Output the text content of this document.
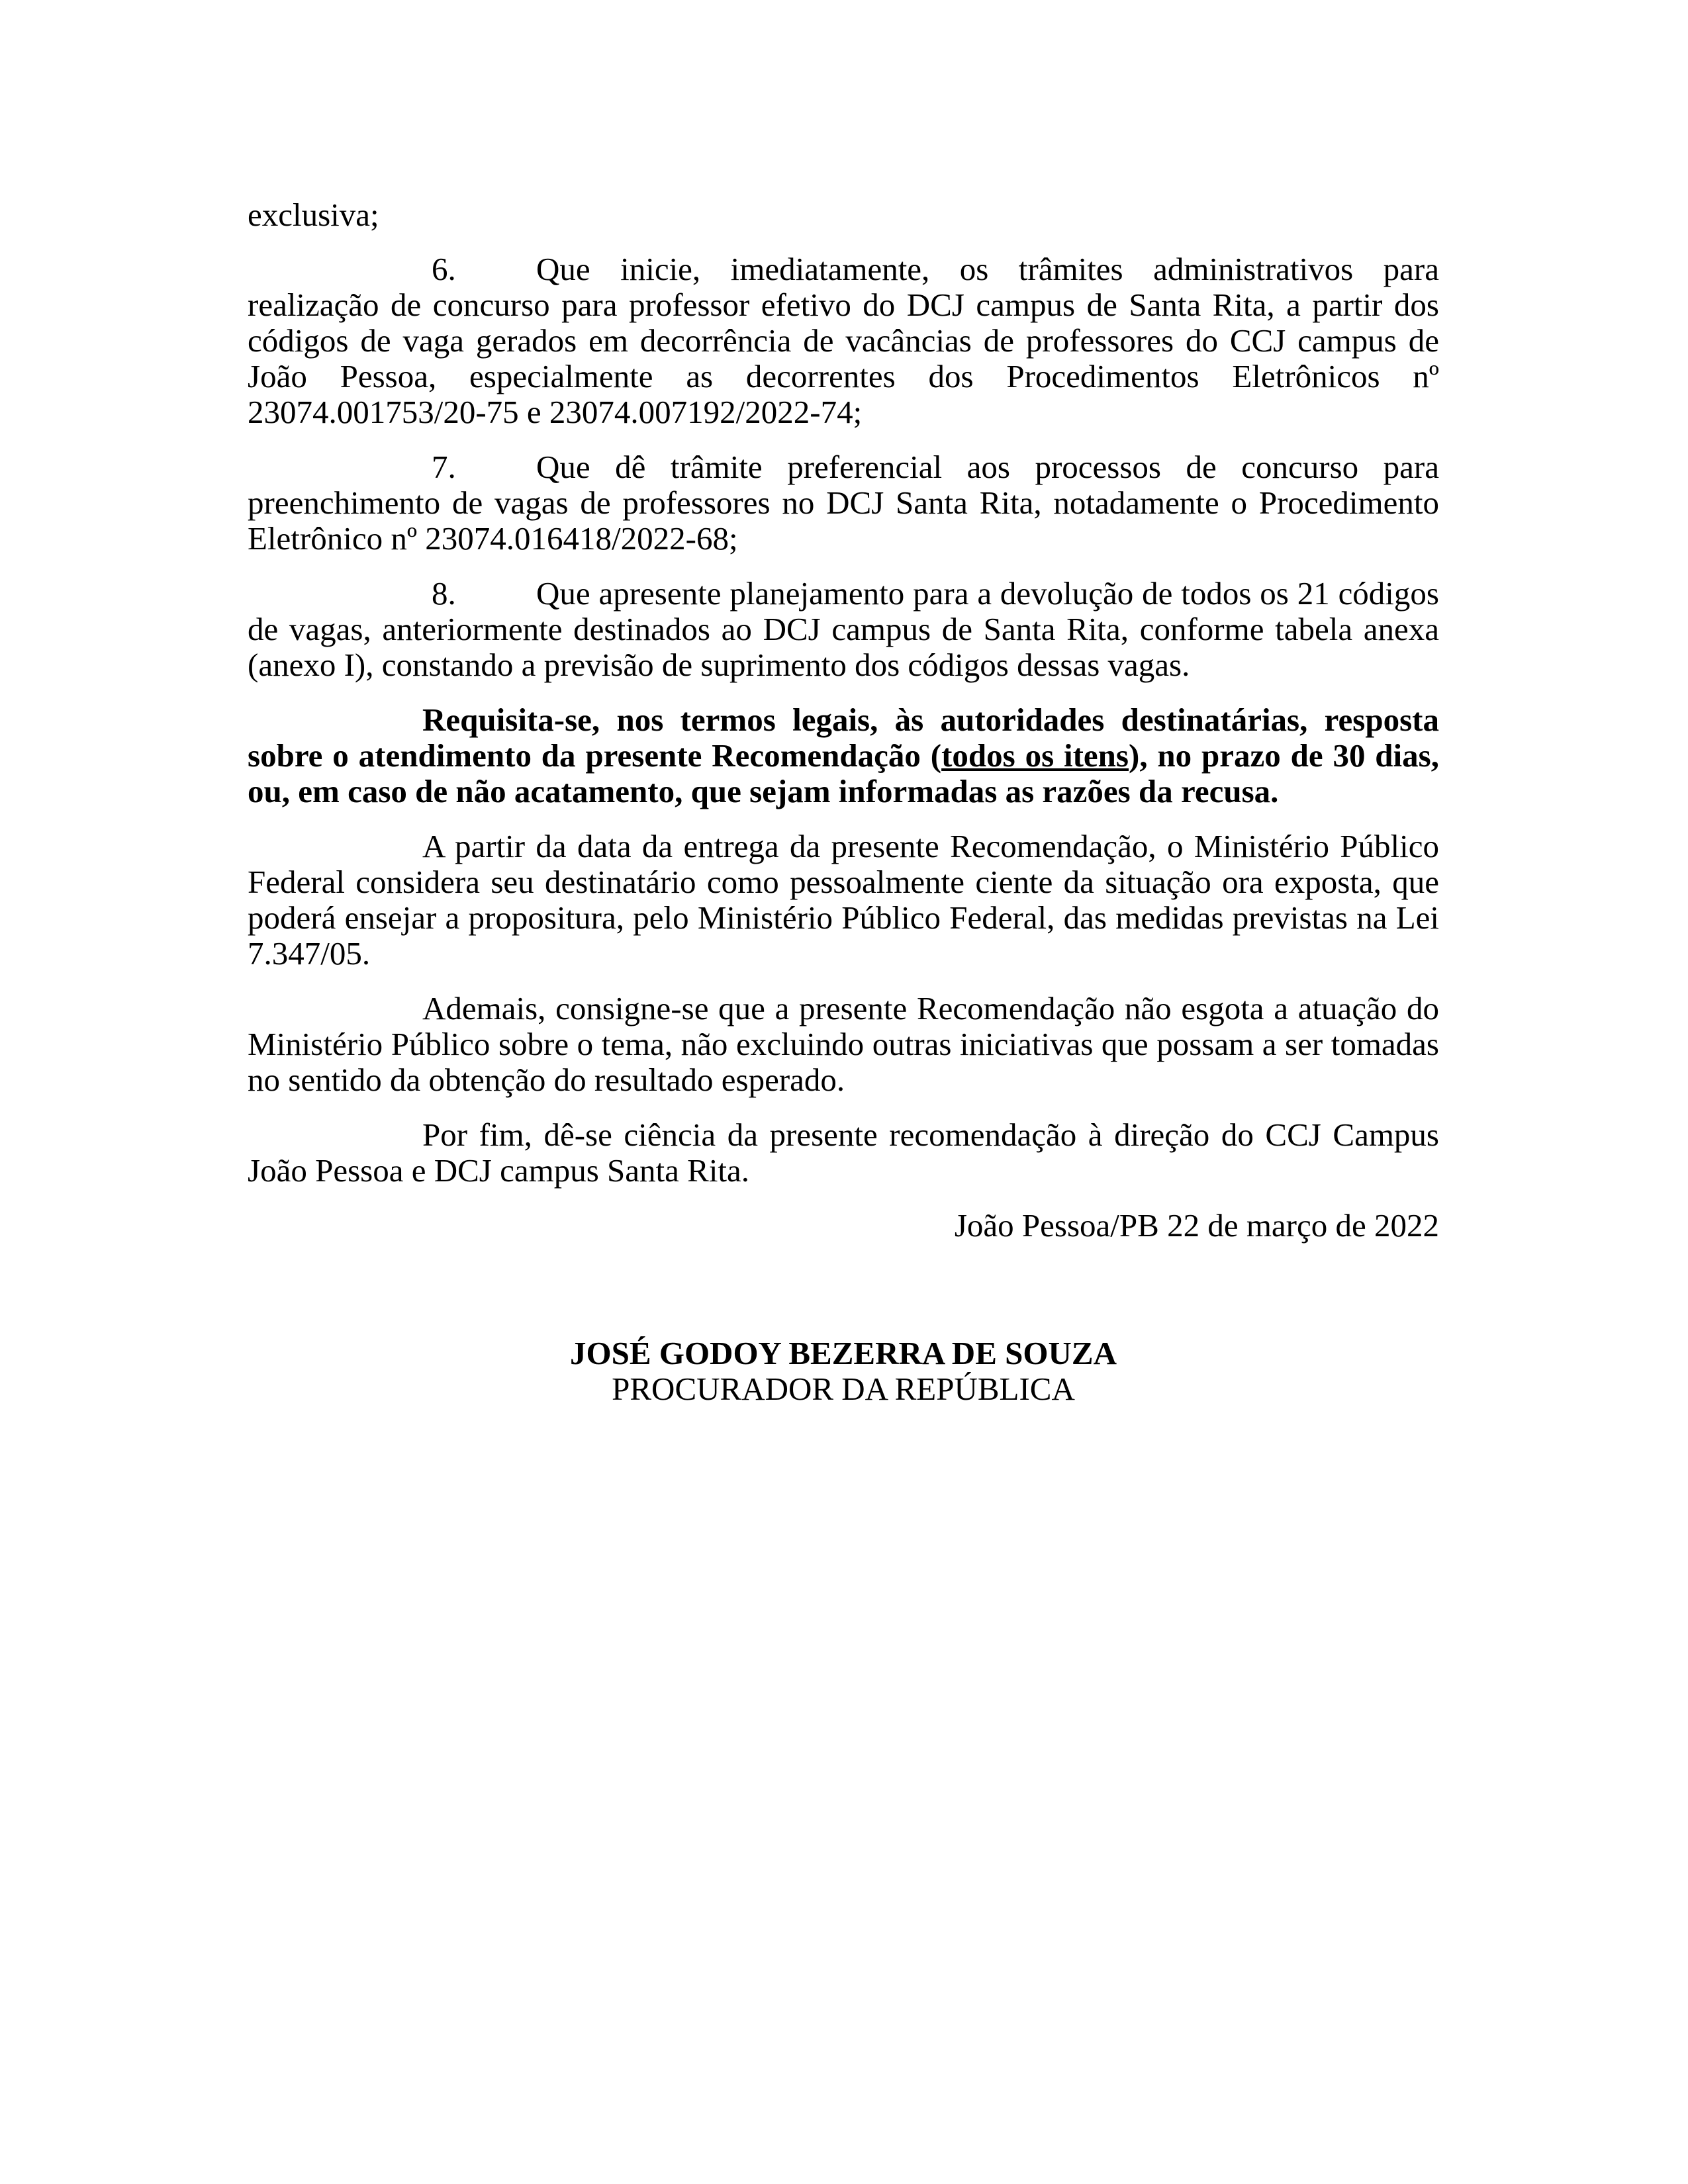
exclusiva;

6. Que inicie, imediatamente, os trâmites administrativos para realização de concurso para professor efetivo do DCJ campus de Santa Rita, a partir dos códigos de vaga gerados em decorrência de vacâncias de professores do CCJ campus de João Pessoa, especialmente as decorrentes dos Procedimentos Eletrônicos nº 23074.001753/20-75 e 23074.007192/2022-74;

7. Que dê trâmite preferencial aos processos de concurso para preenchimento de vagas de professores no DCJ Santa Rita, notadamente o Procedimento Eletrônico nº 23074.016418/2022-68;

8. Que apresente planejamento para a devolução de todos os 21 códigos de vagas, anteriormente destinados ao DCJ campus de Santa Rita, conforme tabela anexa (anexo I), constando a previsão de suprimento dos códigos dessas vagas.

Requisita-se, nos termos legais, às autoridades destinatárias, resposta sobre o atendimento da presente Recomendação (todos os itens), no prazo de 30 dias, ou, em caso de não acatamento, que sejam informadas as razões da recusa.

A partir da data da entrega da presente Recomendação, o Ministério Público Federal considera seu destinatário como pessoalmente ciente da situação ora exposta, que poderá ensejar a propositura, pelo Ministério Público Federal, das medidas previstas na Lei 7.347/05.

Ademais, consigne-se que a presente Recomendação não esgota a atuação do Ministério Público sobre o tema, não excluindo outras iniciativas que possam a ser tomadas no sentido da obtenção do resultado esperado.

Por fim, dê-se ciência da presente recomendação à direção do CCJ Campus João Pessoa e DCJ campus Santa Rita.

João Pessoa/PB 22 de março de 2022

JOSÉ GODOY BEZERRA DE SOUZA

PROCURADOR DA REPÚBLICA
